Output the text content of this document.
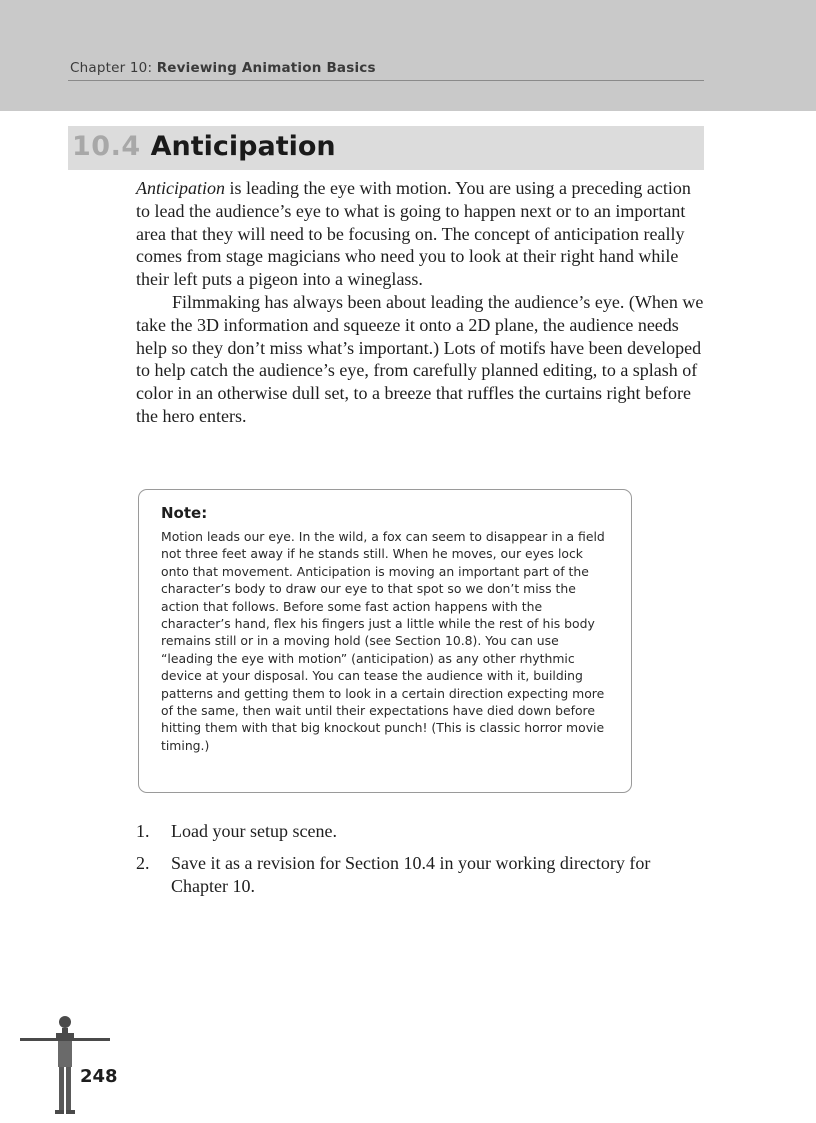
Chapter 10: Reviewing Animation Basics
10.4 Anticipation

Anticipation is leading the eye with motion. You are using a preceding action to lead the audience’s eye to what is going to happen next or to an important area that they will need to be focusing on. The concept of anticipation really comes from stage magicians who need you to look at their right hand while their left puts a pigeon into a wineglass.

Filmmaking has always been about leading the audience’s eye. (When we take the 3D information and squeeze it onto a 2D plane, the audience needs help so they don’t miss what’s important.) Lots of motifs have been developed to help catch the audience’s eye, from carefully planned editing, to a splash of color in an otherwise dull set, to a breeze that ruffles the curtains right before the hero enters.

Note:

Motion leads our eye. In the wild, a fox can seem to disappear in a field not three feet away if he stands still. When he moves, our eyes lock onto that movement. Anticipation is moving an important part of the character’s body to draw our eye to that spot so we don’t miss the action that follows. Before some fast action happens with the character’s hand, flex his fingers just a little while the rest of his body remains still or in a moving hold (see Section 10.8). You can use “leading the eye with motion” (anticipation) as any other rhythmic device at your disposal. You can tease the audience with it, building patterns and getting them to look in a certain direction expecting more of the same, then wait until their expectations have died down before hitting them with that big knockout punch! (This is classic horror movie timing.)

1. Load your setup scene.
2. Save it as a revision for Section 10.4 in your working directory for Chapter 10.
248
